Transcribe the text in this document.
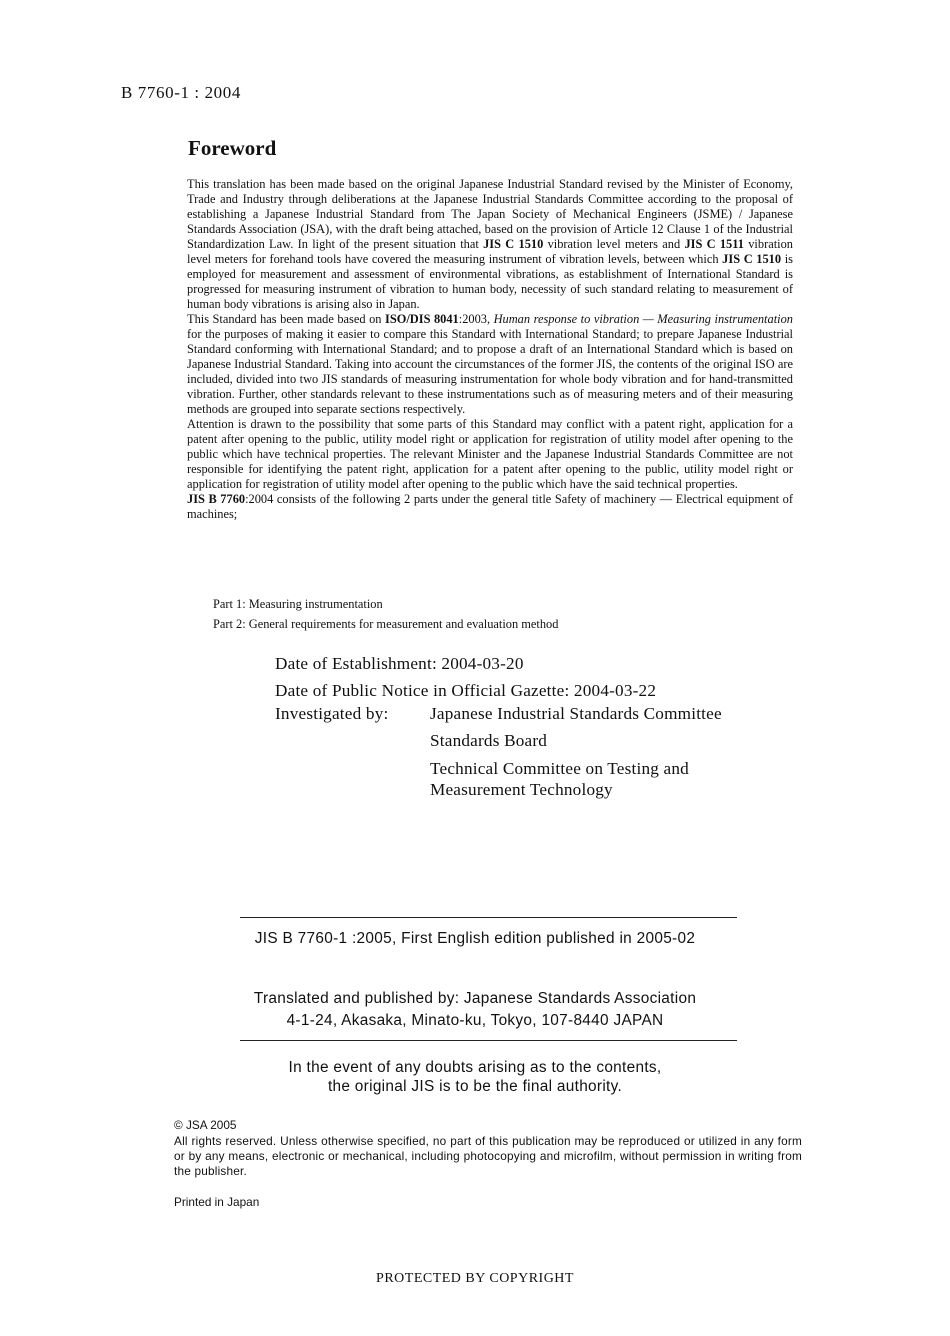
B 7760-1 : 2004
Foreword

This translation has been made based on the original Japanese Industrial Standard revised by the Minister of Economy, Trade and Industry through deliberations at the Japanese Industrial Standards Committee according to the proposal of establishing a Japanese Industrial Standard from The Japan Society of Mechanical Engineers (JSME) / Japanese Standards Association (JSA), with the draft being attached, based on the provision of Article 12 Clause 1 of the Industrial Standardization Law. In light of the present situation that JIS C 1510 vibration level meters and JIS C 1511 vibration level meters for forehand tools have covered the measuring instrument of vibration levels, between which JIS C 1510 is employed for measurement and assessment of environmental vibrations, as establishment of International Standard is progressed for measuring instrument of vibration to human body, necessity of such standard relating to measurement of human body vibrations is arising also in Japan.

This Standard has been made based on ISO/DIS 8041:2003, Human response to vibration — Measuring instrumentation for the purposes of making it easier to compare this Standard with International Standard; to prepare Japanese Industrial Standard conforming with International Standard; and to propose a draft of an International Standard which is based on Japanese Industrial Standard. Taking into account the circumstances of the former JIS, the contents of the original ISO are included, divided into two JIS standards of measuring instrumentation for whole body vibration and for hand-transmitted vibration. Further, other standards relevant to these instrumentations such as of measuring meters and of their measuring methods are grouped into separate sections respectively.

Attention is drawn to the possibility that some parts of this Standard may conflict with a patent right, application for a patent after opening to the public, utility model right or application for registration of utility model after opening to the public which have technical properties. The relevant Minister and the Japanese Industrial Standards Committee are not responsible for identifying the patent right, application for a patent after opening to the public, utility model right or application for registration of utility model after opening to the public which have the said technical properties.

JIS B 7760:2004 consists of the following 2 parts under the general title Safety of machinery — Electrical equipment of machines;

Part 1: Measuring instrumentation
Part 2: General requirements for measurement and evaluation method
Date of Establishment: 2004-03-20
Date of Public Notice in Official Gazette: 2004-03-22
Investigated by: Japanese Industrial Standards Committee
Standards Board
Technical Committee on Testing and
Measurement Technology
JIS B 7760-1 :2005, First English edition published in 2005-02
Translated and published by: Japanese Standards Association
4-1-24, Akasaka, Minato-ku, Tokyo, 107-8440 JAPAN
In the event of any doubts arising as to the contents,
the original JIS is to be the final authority.
© JSA 2005
All rights reserved. Unless otherwise specified, no part of this publication may be reproduced or utilized in any form or by any means, electronic or mechanical, including photocopying and microfilm, without permission in writing from the publisher.
Printed in Japan
PROTECTED BY COPYRIGHT
